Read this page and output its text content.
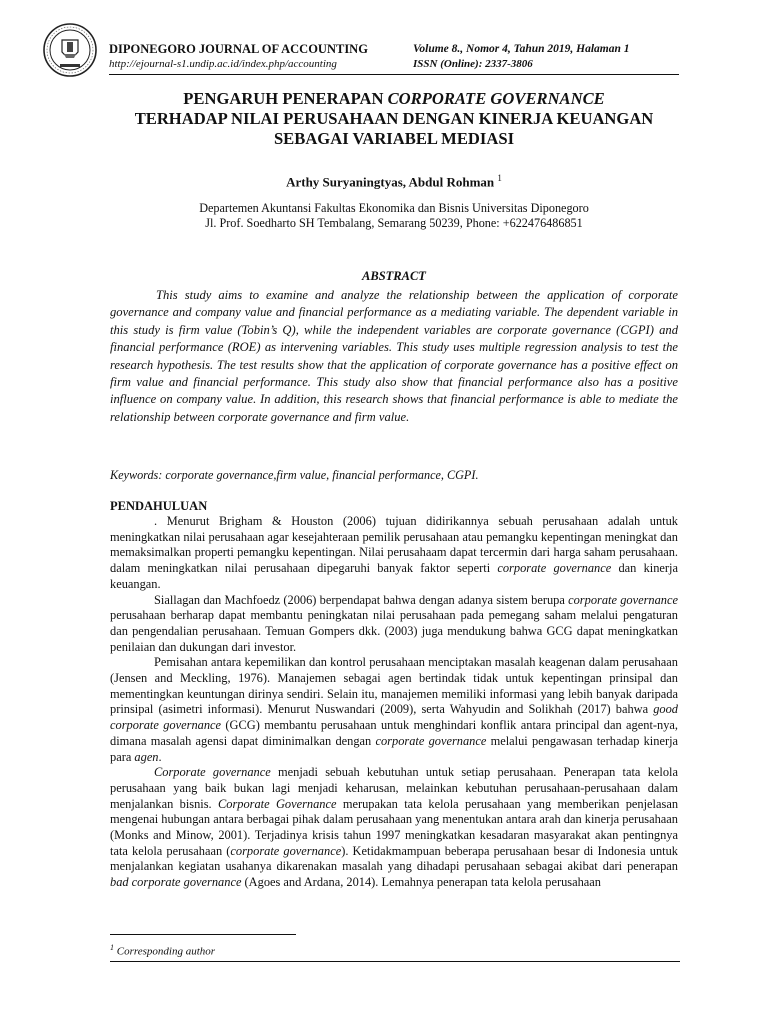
DIPONEGORO JOURNAL OF ACCOUNTING
http://ejournal-s1.undip.ac.id/index.php/accounting
Volume 8., Nomor 4, Tahun 2019, Halaman 1
ISSN (Online): 2337-3806
PENGARUH PENERAPAN CORPORATE GOVERNANCE
TERHADAP NILAI PERUSAHAAN DENGAN KINERJA KEUANGAN
SEBAGAI VARIABEL MEDIASI
Arthy Suryaningtyas, Abdul Rohman $^1$
Departemen Akuntansi Fakultas Ekonomika dan Bisnis Universitas Diponegoro
Jl. Prof. Soedharto SH Tembalang, Semarang 50239, Phone: +622476486851
ABSTRACT

This study aims to examine and analyze the relationship between the application of corporate governance and company value and financial performance as a mediating variable. The dependent variable in this study is firm value (Tobin’s Q), while the independent variables are corporate governance (CGPI) and financial performance (ROE) as intervening variables. This study uses multiple regression analysis to test the research hypothesis. The test results show that the application of corporate governance has a positive effect on firm value and financial performance. This study also show that financial performance also has a positive influence on company value. In addition, this research shows that financial performance is able to mediate the relationship between corporate governance and firm value.

Keywords: corporate governance,firm value, financial performance, CGPI.
PENDAHULUAN

. Menurut Brigham & Houston (2006) tujuan didirikannya sebuah perusahaan adalah untuk meningkatkan nilai perusahaan agar kesejahteraan pemilik perusahaan atau pemangku kepentingan meningkat dan memaksimalkan properti pemangku kepentingan. Nilai perusahaam dapat tercermin dari harga saham perusahaan. dalam meningkatkan nilai perusahaan dipegaruhi banyak faktor seperti corporate governance dan kinerja keuangan.

Siallagan dan Machfoedz (2006) berpendapat bahwa dengan adanya sistem berupa corporate governance perusahaan berharap dapat membantu peningkatan nilai perusahaan pada pemegang saham melalui pengaturan dan pengendalian perusahaan. Temuan Gompers dkk. (2003) juga mendukung bahwa GCG dapat meningkatkan penilaian dan dukungan dari investor.

Pemisahan antara kepemilikan dan kontrol perusahaan menciptakan masalah keagenan dalam perusahaan (Jensen and Meckling, 1976). Manajemen sebagai agen bertindak tidak untuk kepentingan prinsipal dan mementingkan keuntungan dirinya sendiri. Selain itu, manajemen memiliki informasi yang lebih banyak daripada prinsipal (asimetri informasi). Menurut Nuswandari (2009), serta Wahyudin and Solikhah (2017) bahwa good corporate governance (GCG) membantu perusahaan untuk menghindari konflik antara principal dan agent-nya, dimana masalah agensi dapat diminimalkan dengan corporate governance melalui pengawasan terhadap kinerja para agen.

Corporate governance menjadi sebuah kebutuhan untuk setiap perusahaan. Penerapan tata kelola perusahaan yang baik bukan lagi menjadi keharusan, melainkan kebutuhan perusahaan-perusahaan dalam menjalankan bisnis. Corporate Governance merupakan tata kelola perusahaan yang memberikan penjelasan mengenai hubungan antara berbagai pihak dalam perusahaan yang menentukan antara arah dan kinerja perusahaan (Monks and Minow, 2001). Terjadinya krisis tahun 1997 meningkatkan kesadaran masyarakat akan pentingnya tata kelola perusahaan (corporate governance). Ketidakmampuan beberapa perusahaan besar di Indonesia untuk menjalankan kegiatan usahanya dikarenakan masalah yang dihadapi perusahaan sebagai akibat dari penerapan bad corporate governance (Agoes and Ardana, 2014). Lemahnya penerapan tata kelola perusahaan

$^1$ Corresponding author
